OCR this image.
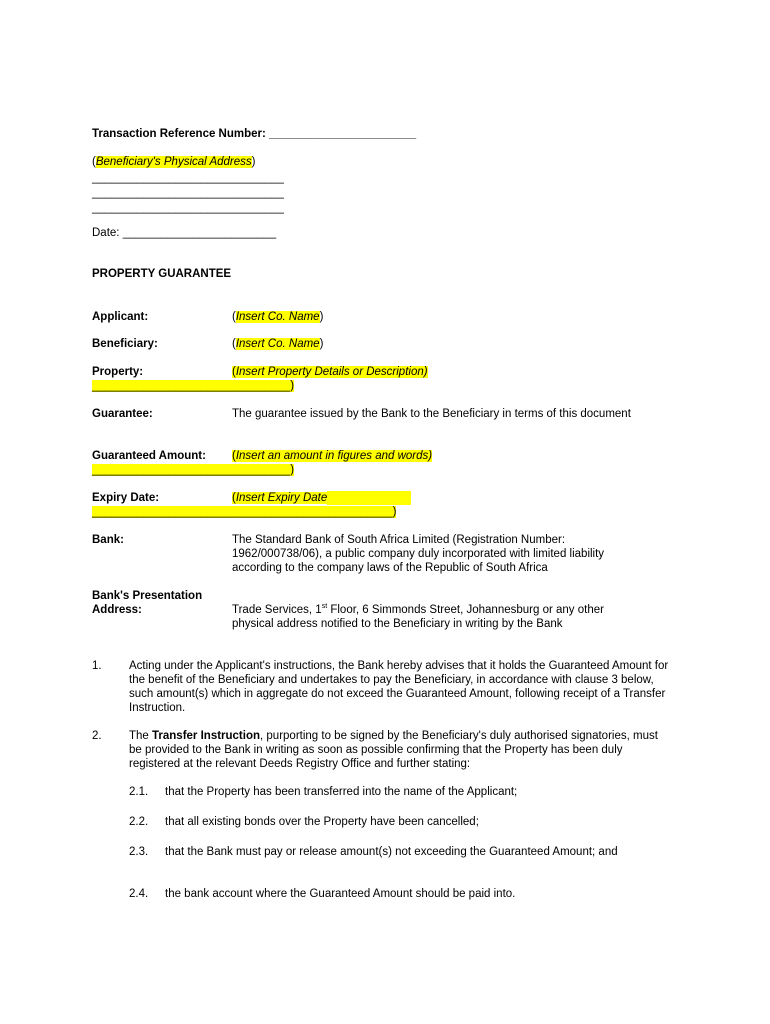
Transaction Reference Number: _______________________
(Beneficiary's Physical Address)
______________________________
______________________________
______________________________
Date: ________________________
PROPERTY GUARANTEE
Applicant:	(Insert Co. Name)
Beneficiary:	(Insert Co. Name)
Property:	(Insert Property Details or Description)
_______________________________)
Guarantee:	The guarantee issued by the Bank to the Beneficiary in terms of this document
Guaranteed Amount: (Insert an amount in figures and words)
_______________________________)
Expiry Date:	(Insert Expiry Date
_______________________________________________)
Bank:	The Standard Bank of South Africa Limited (Registration Number: 1962/000738/06), a public company duly incorporated with limited liability according to the company laws of the Republic of South Africa
Bank's Presentation
Address:	Trade Services, 1st Floor, 6 Simmonds Street, Johannesburg or any other
physical address notified to the Beneficiary in writing by the Bank
1. Acting under the Applicant's instructions, the Bank hereby advises that it holds the Guaranteed Amount for the benefit of the Beneficiary and undertakes to pay the Beneficiary, in accordance with clause 3 below, such amount(s) which in aggregate do not exceed the Guaranteed Amount, following receipt of a Transfer Instruction.
2. The Transfer Instruction, purporting to be signed by the Beneficiary's duly authorised signatories, must be provided to the Bank in writing as soon as possible confirming that the Property has been duly registered at the relevant Deeds Registry Office and further stating:
2.1. that the Property has been transferred into the name of the Applicant;
2.2. that all existing bonds over the Property have been cancelled;
2.3. that the Bank must pay or release amount(s) not exceeding the Guaranteed Amount; and
2.4. the bank account where the Guaranteed Amount should be paid into.
